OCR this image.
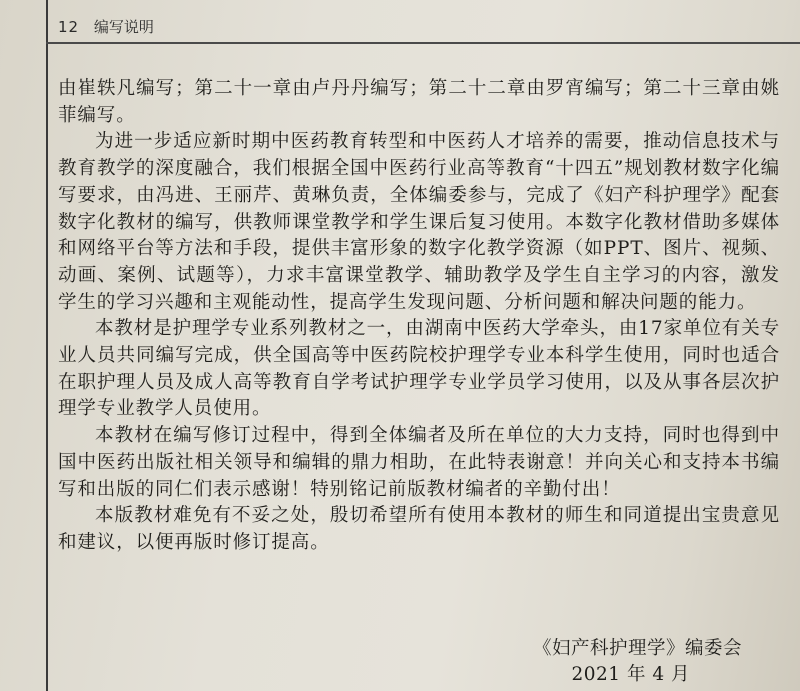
12 编写说明

由崔轶凡编写；第二十一章由卢丹丹编写；第二十二章由罗宵编写；第二十三章由姚菲编写。

为进一步适应新时期中医药教育转型和中医药人才培养的需要，推动信息技术与教育教学的深度融合，我们根据全国中医药行业高等教育“十四五”规划教材数字化编写要求，由冯进、王丽芹、黄琳负责，全体编委参与，完成了《妇产科护理学》配套数字化教材的编写，供教师课堂教学和学生课后复习使用。本数字化教材借助多媒体和网络平台等方法和手段，提供丰富形象的数字化教学资源（如PPT、图片、视频、动画、案例、试题等），力求丰富课堂教学、辅助教学及学生自主学习的内容，激发学生的学习兴趣和主观能动性，提高学生发现问题、分析问题和解决问题的能力。

本教材是护理学专业系列教材之一，由湖南中医药大学牵头，由17家单位有关专业人员共同编写完成，供全国高等中医药院校护理学专业本科学生使用，同时也适合在职护理人员及成人高等教育自学考试护理学专业学员学习使用，以及从事各层次护理学专业教学人员使用。

本教材在编写修订过程中，得到全体编者及所在单位的大力支持，同时也得到中国中医药出版社相关领导和编辑的鼎力相助，在此特表谢意！并向关心和支持本书编写和出版的同仁们表示感谢！特别铭记前版教材编者的辛勤付出！

本版教材难免有不妥之处，殷切希望所有使用本教材的师生和同道提出宝贵意见和建议，以便再版时修订提高。

《妇产科护理学》编委会
2021 年 4 月
